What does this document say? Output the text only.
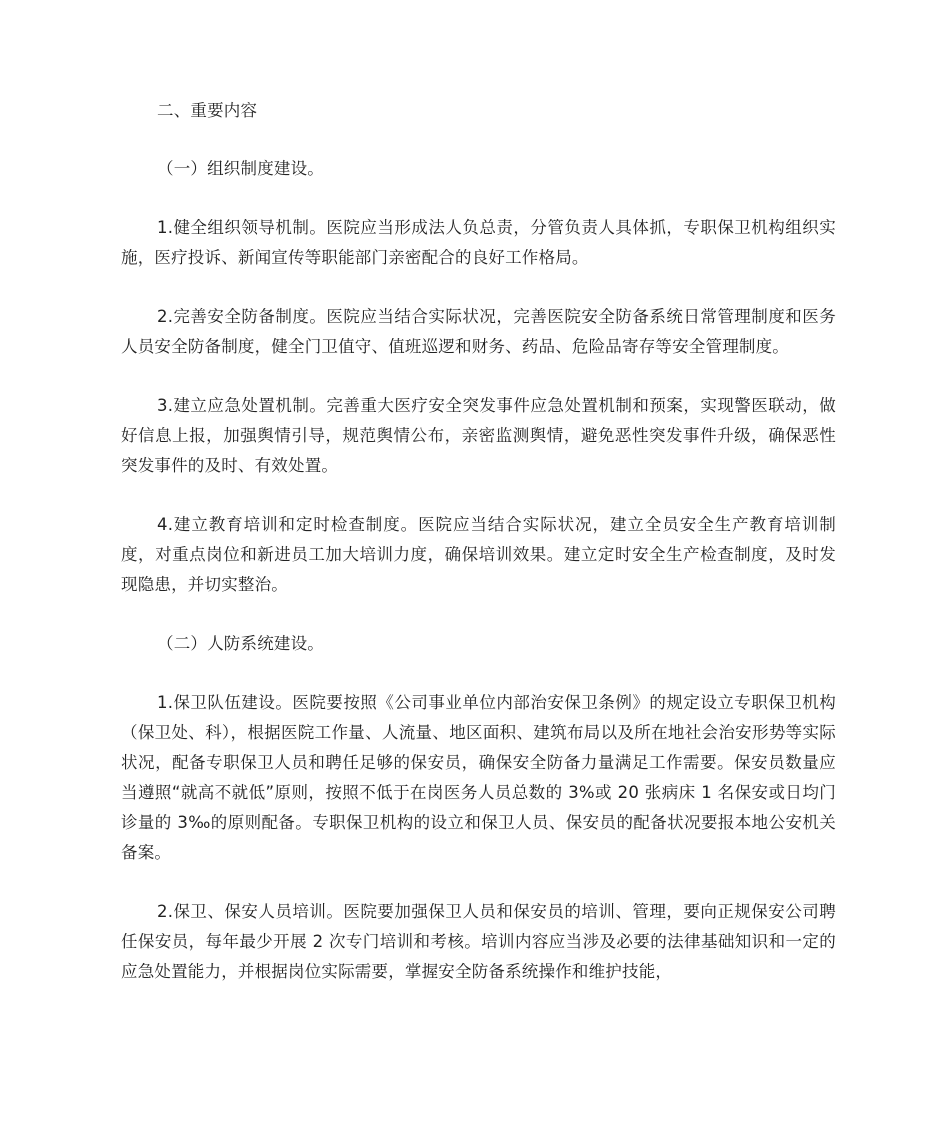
二、重要内容

（一）组织制度建设。

1.健全组织领导机制。医院应当形成法人负总责，分管负责人具体抓，专职保卫机构组织实施，医疗投诉、新闻宣传等职能部门亲密配合的良好工作格局。

2.完善安全防备制度。医院应当结合实际状况，完善医院安全防备系统日常管理制度和医务人员安全防备制度，健全门卫值守、值班巡逻和财务、药品、危险品寄存等安全管理制度。

3.建立应急处置机制。完善重大医疗安全突发事件应急处置机制和预案，实现警医联动，做好信息上报，加强舆情引导，规范舆情公布，亲密监测舆情，避免恶性突发事件升级，确保恶性突发事件的及时、有效处置。

4.建立教育培训和定时检查制度。医院应当结合实际状况，建立全员安全生产教育培训制度，对重点岗位和新进员工加大培训力度，确保培训效果。建立定时安全生产检查制度，及时发现隐患，并切实整治。

（二）人防系统建设。

1.保卫队伍建设。医院要按照《公司事业单位内部治安保卫条例》的规定设立专职保卫机构（保卫处、科），根据医院工作量、人流量、地区面积、建筑布局以及所在地社会治安形势等实际状况，配备专职保卫人员和聘任足够的保安员，确保安全防备力量满足工作需要。保安员数量应当遵照“就高不就低”原则，按照不低于在岗医务人员总数的 3%或 20 张病床 1 名保安或日均门诊量的 3‰的原则配备。专职保卫机构的设立和保卫人员、保安员的配备状况要报本地公安机关备案。

2.保卫、保安人员培训。医院要加强保卫人员和保安员的培训、管理，要向正规保安公司聘任保安员，每年最少开展 2 次专门培训和考核。培训内容应当涉及必要的法律基础知识和一定的应急处置能力，并根据岗位实际需要，掌握安全防备系统操作和维护技能，
